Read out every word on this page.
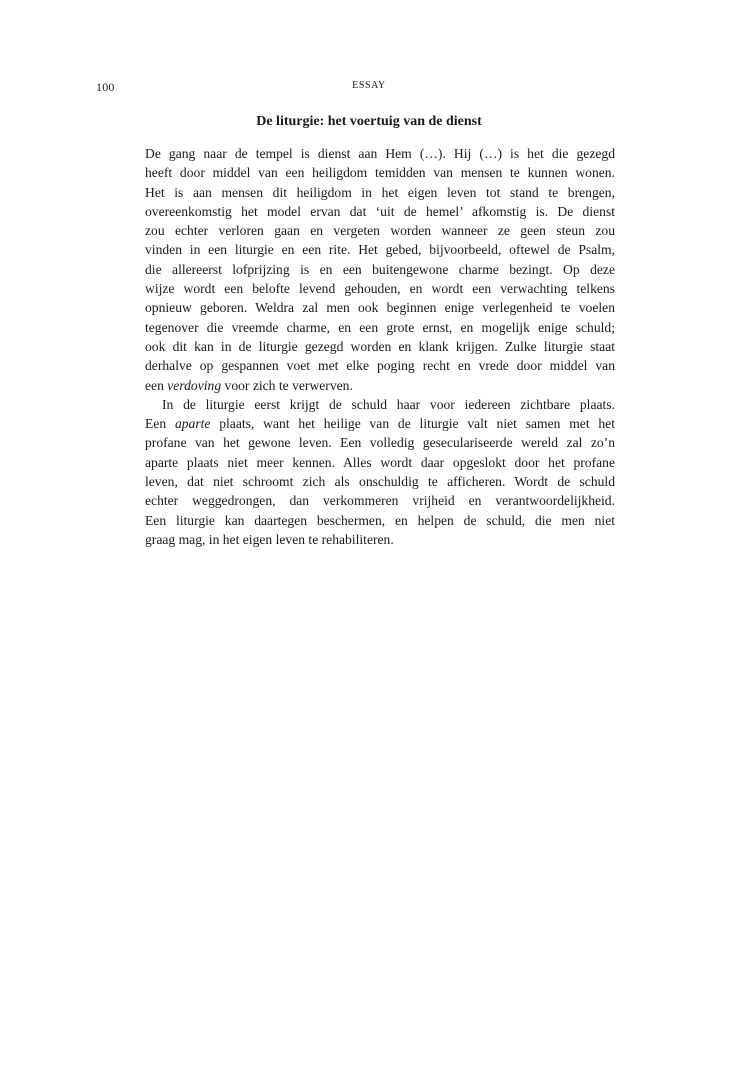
100	ESSAY
De liturgie: het voertuig van de dienst
De gang naar de tempel is dienst aan Hem (…). Hij (…) is het die gezegd
heeft door middel van een heiligdom temidden van mensen te kunnen wonen.
Het is aan mensen dit heiligdom in het eigen leven tot stand te brengen,
overeenkomstig het model ervan dat ‘uit de hemel’ afkomstig is. De dienst
zou echter verloren gaan en vergeten worden wanneer ze geen steun zou
vinden in een liturgie en een rite. Het gebed, bijvoorbeeld, oftewel de Psalm,
die allereerst lofprijzing is en een buitengewone charme bezingt. Op deze
wijze wordt een belofte levend gehouden, en wordt een verwachting telkens
opnieuw geboren. Weldra zal men ook beginnen enige verlegenheid te voelen
tegenover die vreemde charme, en een grote ernst, en mogelijk enige schuld;
ook dit kan in de liturgie gezegd worden en klank krijgen. Zulke liturgie staat
derhalve op gespannen voet met elke poging recht en vrede door middel van
een verdoving voor zich te verwerven.
In de liturgie eerst krijgt de schuld haar voor iedereen zichtbare plaats.
Een aparte plaats, want het heilige van de liturgie valt niet samen met het
profane van het gewone leven. Een volledig geseculariseerde wereld zal zo’n
aparte plaats niet meer kennen. Alles wordt daar opgeslokt door het profane
leven, dat niet schroomt zich als onschuldig te afficheren. Wordt de schuld
echter weggedrongen, dan verkommeren vrijheid en verantwoordelijkheid.
Een liturgie kan daartegen beschermen, en helpen de schuld, die men niet
graag mag, in het eigen leven te rehabiliteren.
